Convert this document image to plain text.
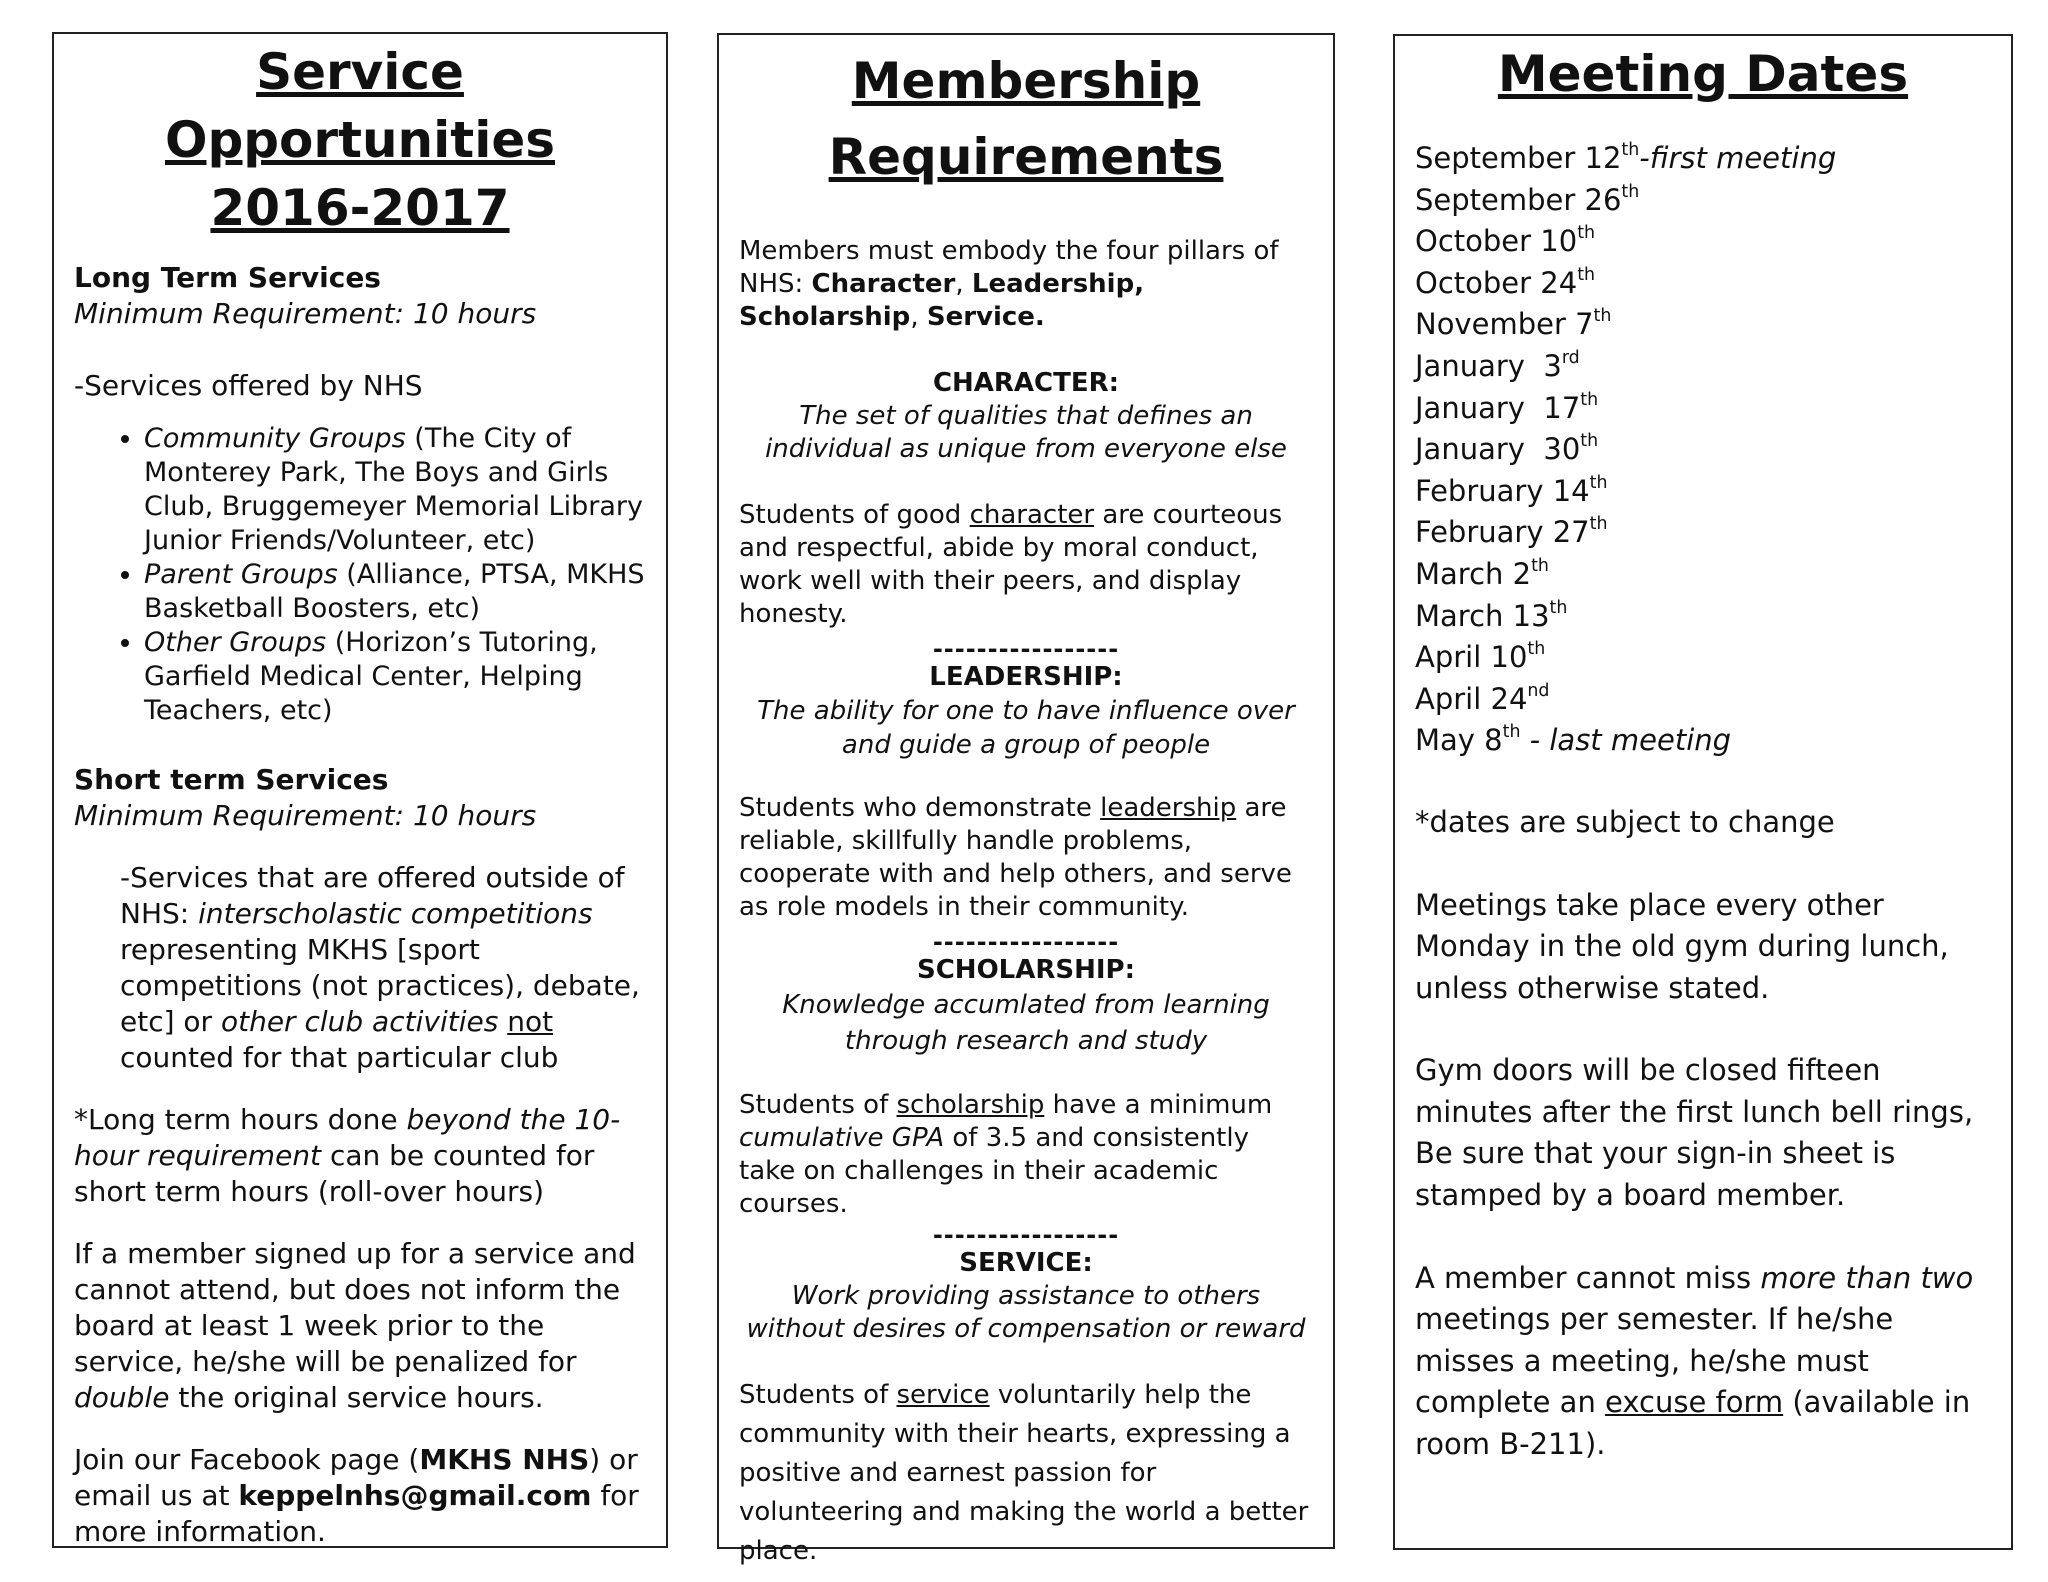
Service Opportunities
2016-2017

Long Term Services

Minimum Requirement: 10 hours

-Services offered by NHS

• Community Groups (The City of Monterey Park, The Boys and Girls Club, Bruggemeyer Memorial Library Junior Friends/Volunteer, etc)
• Parent Groups (Alliance, PTSA, MKHS Basketball Boosters, etc)
• Other Groups (Horizon’s Tutoring, Garfield Medical Center, Helping Teachers, etc)

Short term Services

Minimum Requirement: 10 hours

-Services that are offered outside of NHS: interscholastic competitions representing MKHS [sport competitions (not practices), debate, etc] or other club activities not counted for that particular club

*Long term hours done beyond the 10-hour requirement can be counted for short term hours (roll-over hours)

If a member signed up for a service and cannot attend, but does not inform the board at least 1 week prior to the service, he/she will be penalized for double the original service hours.

Join our Facebook page (MKHS NHS) or email us at keppelnhs@gmail.com for more information.

Membership
Requirements

Members must embody the four pillars of NHS: Character, Leadership, Scholarship, Service.

CHARACTER:

The set of qualities that defines an individual as unique from everyone else

Students of good character are courteous and respectful, abide by moral conduct, work well with their peers, and display honesty.

-----------------

LEADERSHIP:

The ability for one to have influence over and guide a group of people

Students who demonstrate leadership are reliable, skillfully handle problems, cooperate with and help others, and serve as role models in their community.

-----------------

SCHOLARSHIP:

Knowledge accumlated from learning through research and study

Students of scholarship have a minimum cumulative GPA of 3.5 and consistently take on challenges in their academic courses.

-----------------

SERVICE:

Work providing assistance to others without desires of compensation or reward

Students of service voluntarily help the community with their hearts, expressing a positive and earnest passion for volunteering and making the world a better place.

Meeting Dates

September 12th-first meeting

September 26th

October 10th

October 24th

November 7th

January  3rd

January  17th

January  30th

February 14th

February 27th

March 2th

March 13th

April 10th

April 24nd

May 8th - last meeting

*dates are subject to change

Meetings take place every other Monday in the old gym during lunch, unless otherwise stated.

Gym doors will be closed fifteen minutes after the first lunch bell rings,

Be sure that your sign-in sheet is stamped by a board member.

A member cannot miss more than two meetings per semester. If he/she misses a meeting, he/she must complete an excuse form (available in room B-211).
